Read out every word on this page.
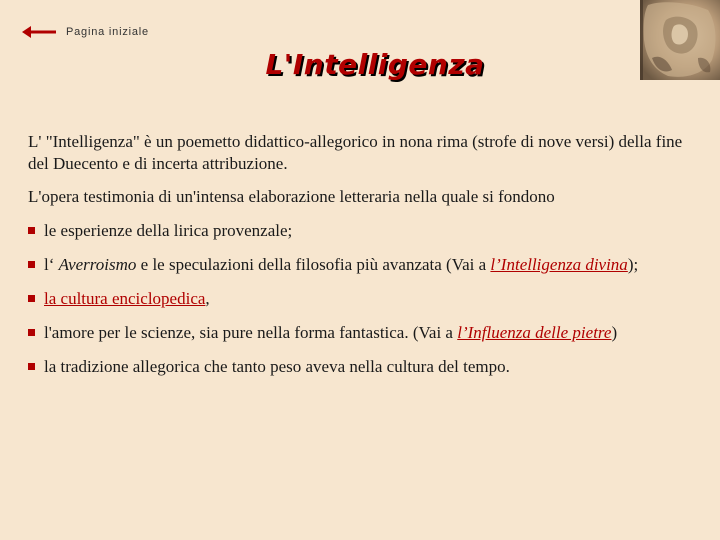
Pagina iniziale
L'Intelligenza

L' "Intelligenza" è un poemetto didattico-allegorico in nona rima (strofe di nove versi) della fine del Duecento e di incerta attribuzione.

L'opera testimonia di un'intensa elaborazione letteraria nella quale si fondono

le esperienze della lirica provenzale;
l‘ Averroismo e le speculazioni della filosofia più avanzata (Vai a l’Intelligenza divina);
la cultura enciclopedica,
l'amore per le scienze, sia pure nella forma fantastica. (Vai a l’Influenza delle pietre)
la tradizione allegorica che tanto peso aveva nella cultura del tempo.
